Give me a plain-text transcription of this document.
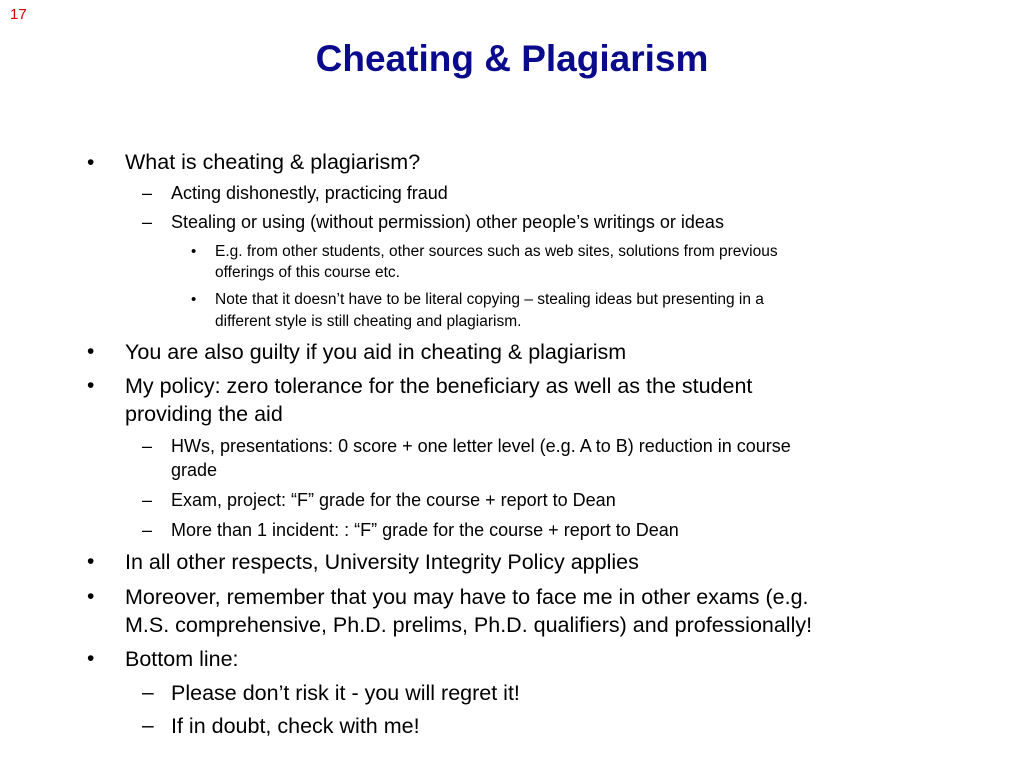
17
Cheating & Plagiarism
• What is cheating & plagiarism?

– Acting dishonestly, practicing fraud

– Stealing or using (without permission) other people’s writings or ideas

• E.g. from other students, other sources such as web sites, solutions from previous

offerings of this course etc.

• Note that it doesn’t have to be literal copying – stealing ideas but presenting in a

different style is still cheating and plagiarism.

• You are also guilty if you aid in cheating & plagiarism

• My policy: zero tolerance for the beneficiary as well as the student

providing the aid

– HWs, presentations: 0 score + one letter level (e.g. A to B) reduction in course

grade

– Exam, project: “F” grade for the course + report to Dean

– More than 1 incident: : “F” grade for the course + report to Dean

• In all other respects, University Integrity Policy applies

• Moreover, remember that you may have to face me in other exams (e.g.

M.S. comprehensive, Ph.D. prelims, Ph.D. qualifiers) and professionally!

• Bottom line:

– Please don’t risk it - you will regret it!

– If in doubt, check with me!
